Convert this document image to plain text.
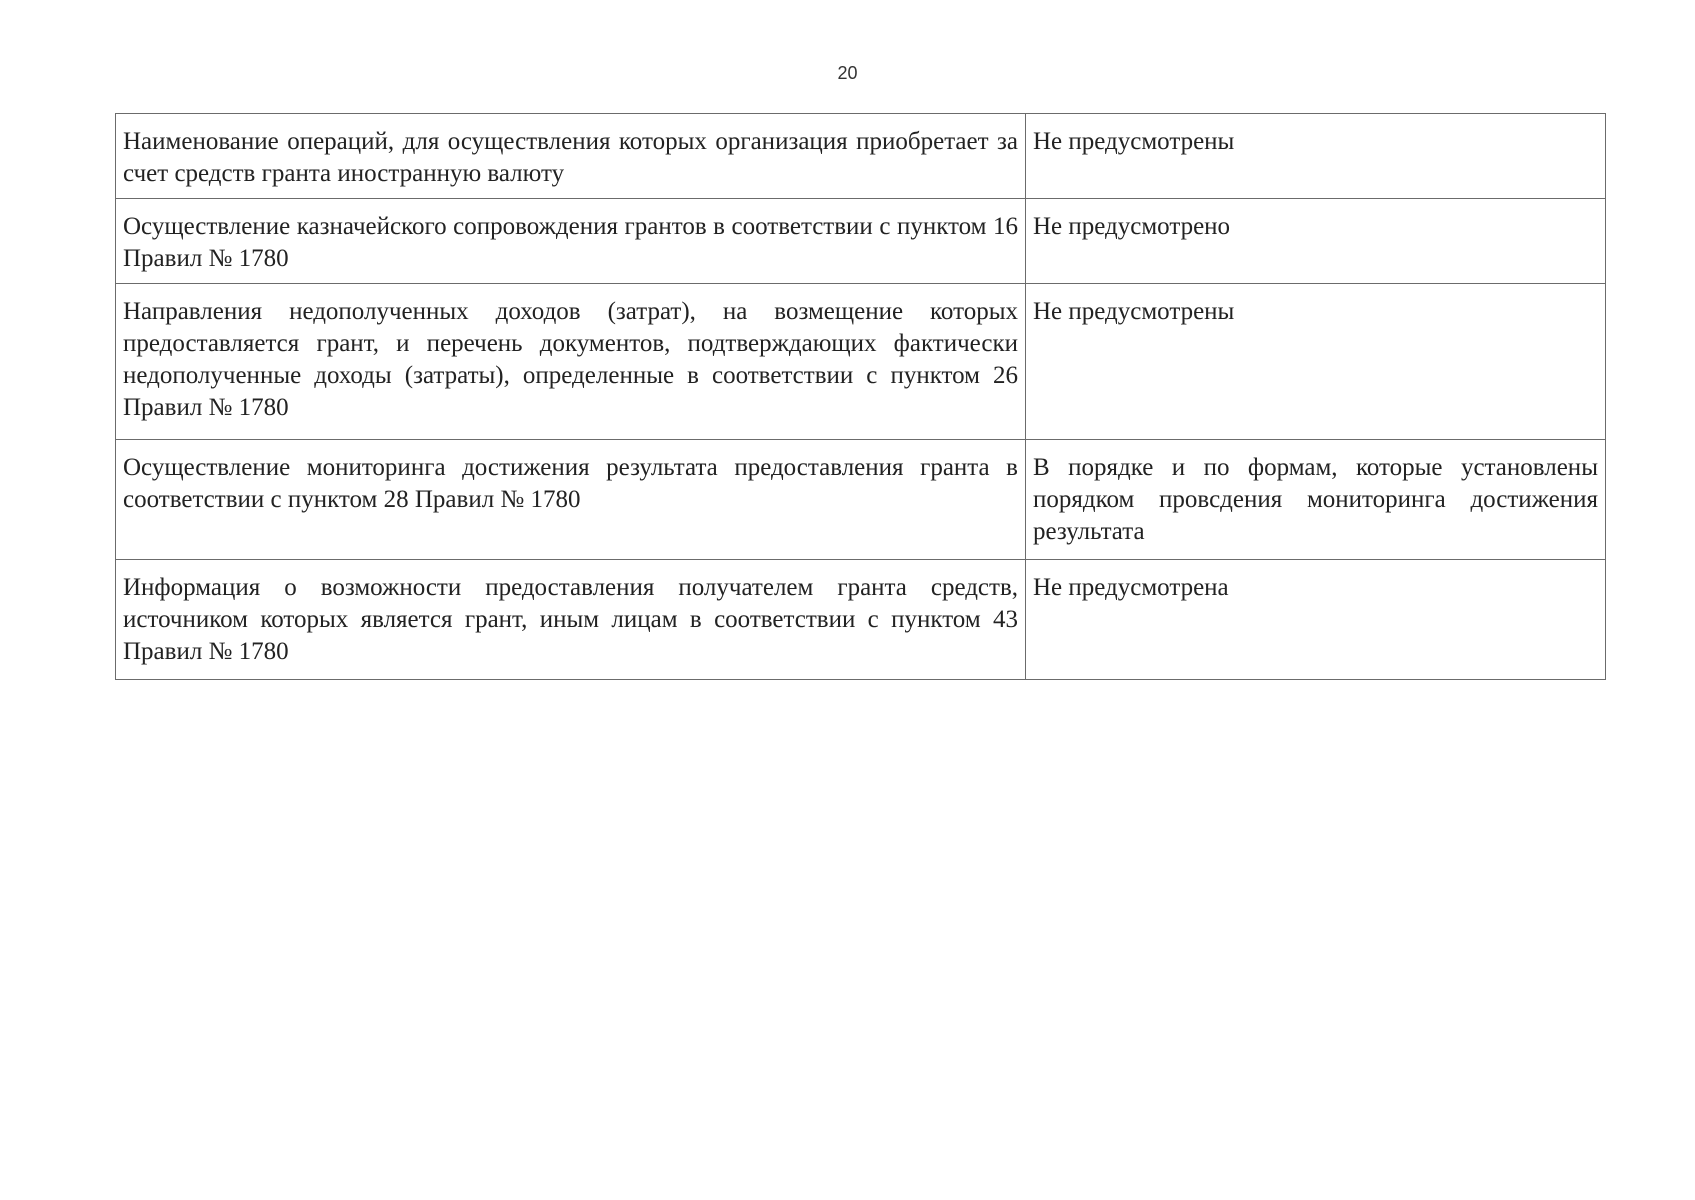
20
Наименование операций, для осуществления которых организация приобретает за счет средств гранта иностранную валюту	Не предусмотрены
Осуществление казначейского сопровождения грантов в соответствии с пунктом 16 Правил № 1780	Не предусмотрено
Направления недополученных доходов (затрат), на возмещение которых предоставляется грант, и перечень документов, подтверждающих фактически недополученные доходы (затраты), определенные в соответствии с пунктом 26 Правил № 1780	Не предусмотрены
Осуществление мониторинга достижения результата предоставления гранта в соответствии с пунктом 28 Правил № 1780	В порядке и по формам, которые установлены порядком провсдения мониторинга достижения результата
Информация о возможности предоставления получателем гранта средств, источником которых является грант, иным лицам в соответствии с пунктом 43 Правил № 1780	Не предусмотрена
